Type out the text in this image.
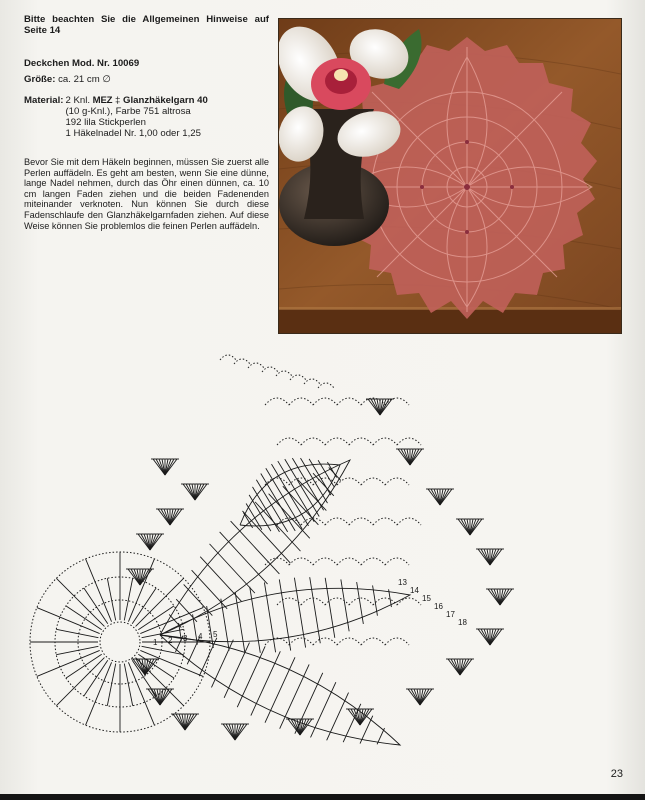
Bitte beachten Sie die Allgemeinen Hinweise auf Seite 14

Deckchen Mod. Nr. 10069

Größe: ca. 21 cm ∅

Material: 2 Knl. MEZ ‡ Glanzhäkelgarn 40
(10 g-Knl.), Farbe 751 altrosa
192 lila Stickperlen
1 Häkelnadel Nr. 1,00 oder 1,25

Bevor Sie mit dem Häkeln beginnen, müssen Sie zuerst alle Perlen auffädeln. Es geht am besten, wenn Sie eine dünne, lange Nadel nehmen, durch das Öhr einen dünnen, ca. 10 cm langen Faden ziehen und die beiden Fadenenden miteinander verknoten. Nun können Sie durch diese Fadenschlaufe den Glanzhäkelgarnfaden ziehen. Auf diese Weise können Sie problemlos die feinen Perlen auffädeln.

1 2 3 4 5
13
14
15
16
17
18
23
